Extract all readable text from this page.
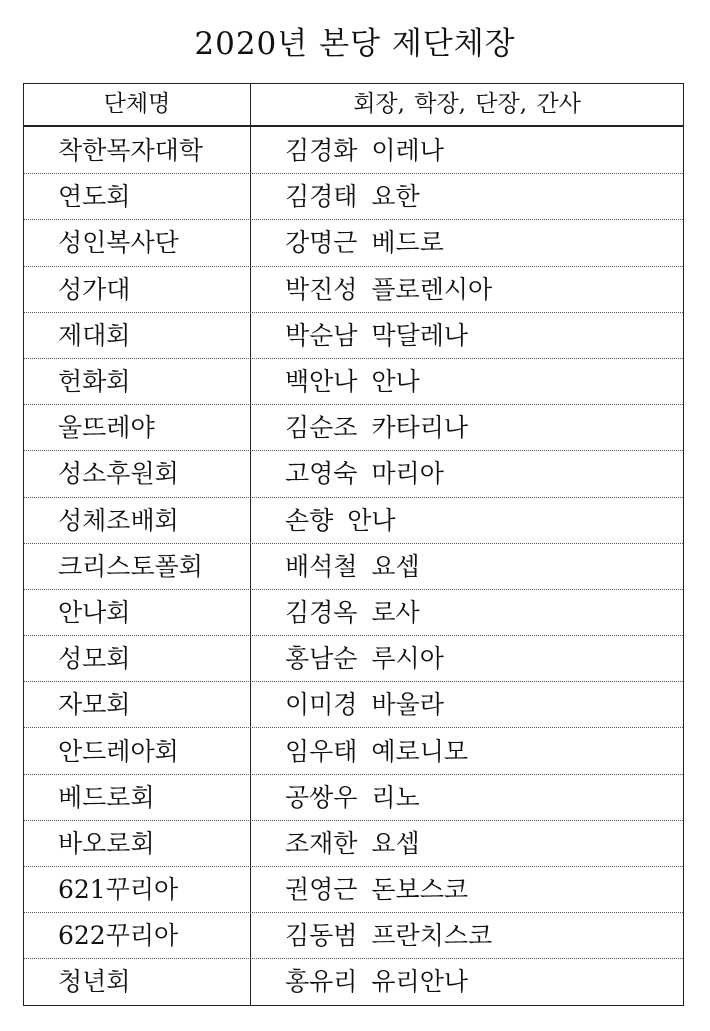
2020년 본당 제단체장
단체명	회장, 학장, 단장, 간사
착한목자대학	김경화 이레나
연도회	김경태 요한
성인복사단	강명근 베드로
성가대	박진성 플로렌시아
제대회	박순남 막달레나
헌화회	백안나 안나
울뜨레야	김순조 카타리나
성소후원회	고영숙 마리아
성체조배회	손향 안나
크리스토폴회	배석철 요셉
안나회	김경옥 로사
성모회	홍남순 루시아
자모회	이미경 바울라
안드레아회	임우태 예로니모
베드로회	공쌍우 리노
바오로회	조재한 요셉
621꾸리아	권영근 돈보스코
622꾸리아	김동범 프란치스코
청년회	홍유리 유리안나
